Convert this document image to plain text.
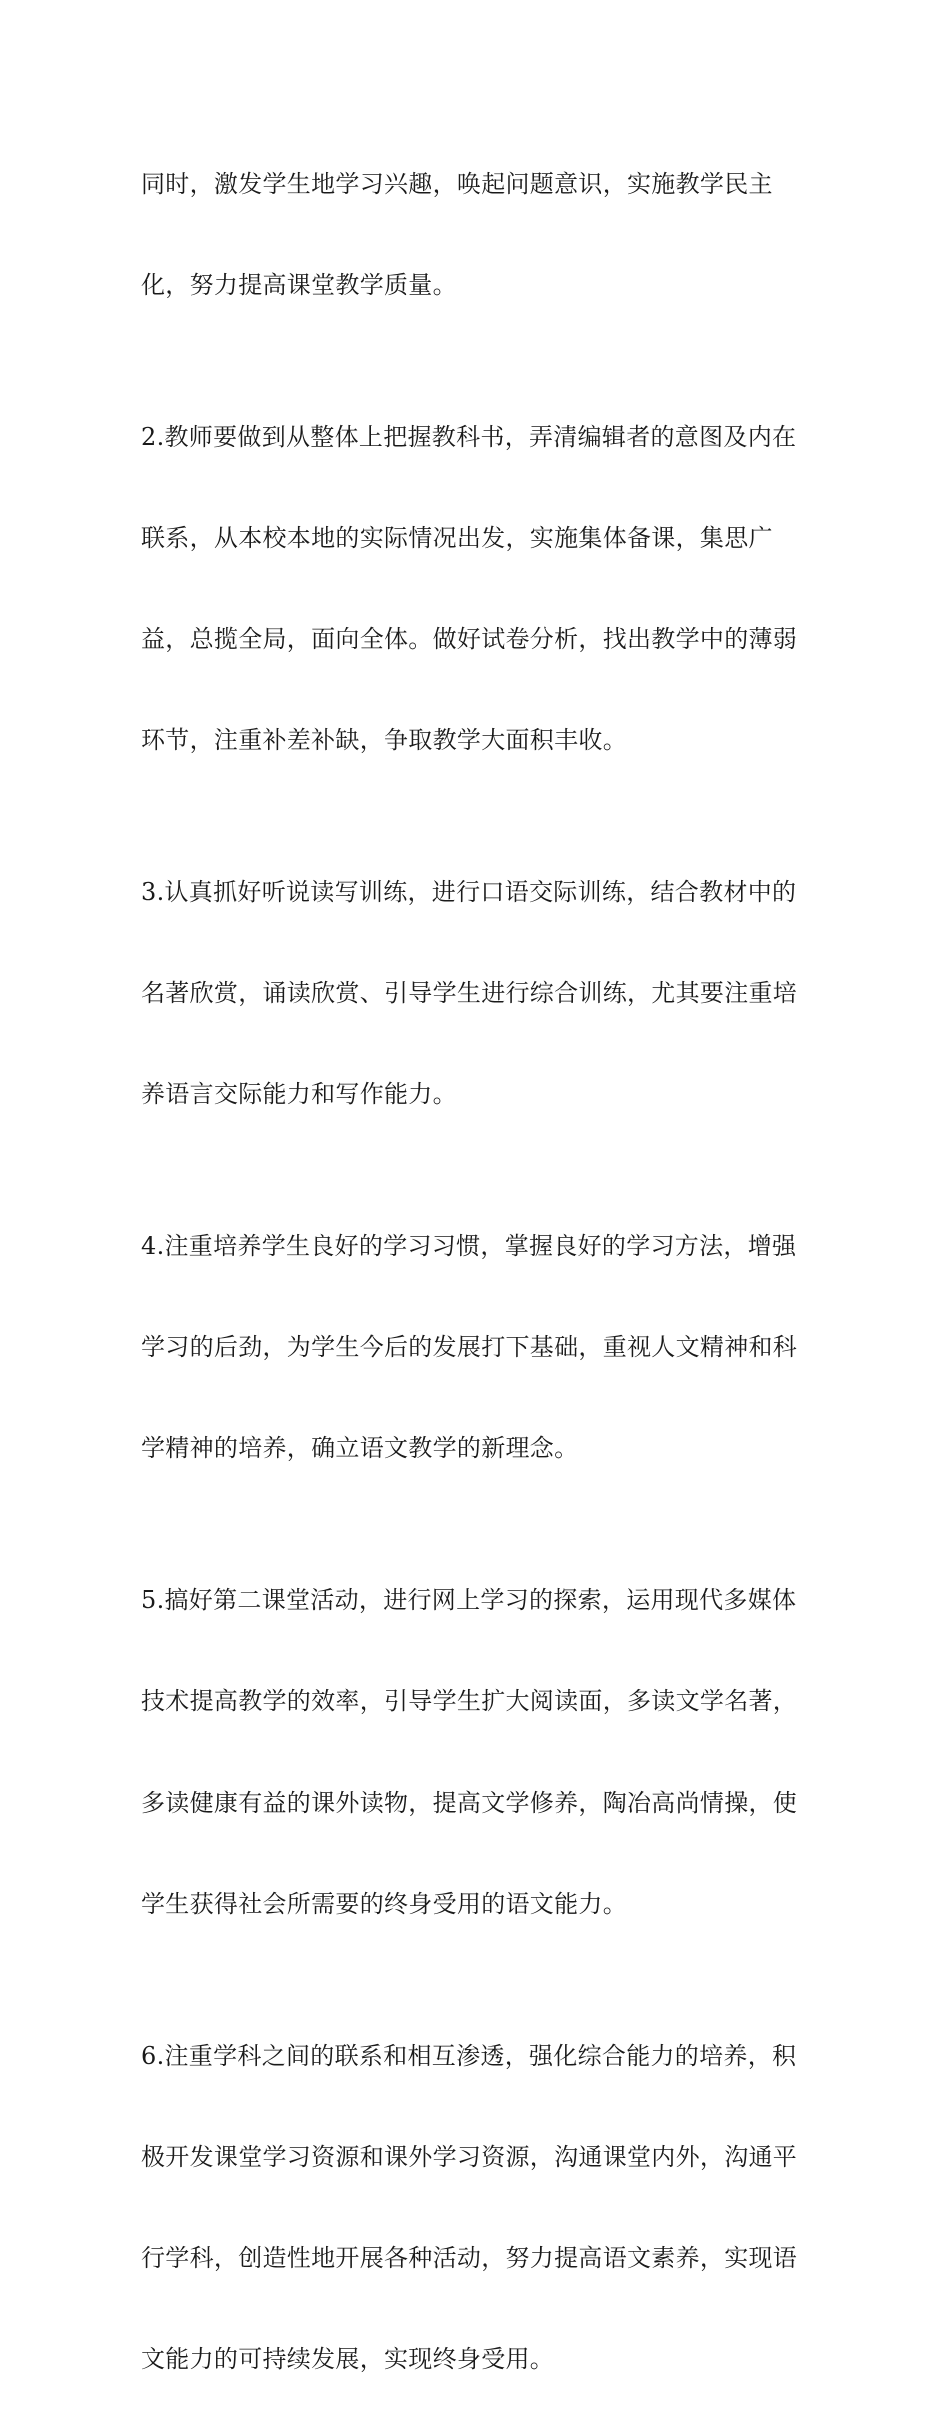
同时，激发学生地学习兴趣，唤起问题意识，实施教学民主

化，努力提高课堂教学质量。

2.教师要做到从整体上把握教科书，弄清编辑者的意图及内在

联系，从本校本地的实际情况出发，实施集体备课，集思广

益，总揽全局，面向全体。做好试卷分析，找出教学中的薄弱

环节，注重补差补缺，争取教学大面积丰收。

3.认真抓好听说读写训练，进行口语交际训练，结合教材中的

名著欣赏，诵读欣赏、引导学生进行综合训练，尤其要注重培

养语言交际能力和写作能力。

4.注重培养学生良好的学习习惯，掌握良好的学习方法，增强

学习的后劲，为学生今后的发展打下基础，重视人文精神和科

学精神的培养，确立语文教学的新理念。

5.搞好第二课堂活动，进行网上学习的探索，运用现代多媒体

技术提高教学的效率，引导学生扩大阅读面，多读文学名著，

多读健康有益的课外读物，提高文学修养，陶冶高尚情操，使

学生获得社会所需要的终身受用的语文能力。

6.注重学科之间的联系和相互渗透，强化综合能力的培养，积

极开发课堂学习资源和课外学习资源，沟通课堂内外，沟通平

行学科，创造性地开展各种活动，努力提高语文素养，实现语

文能力的可持续发展，实现终身受用。
